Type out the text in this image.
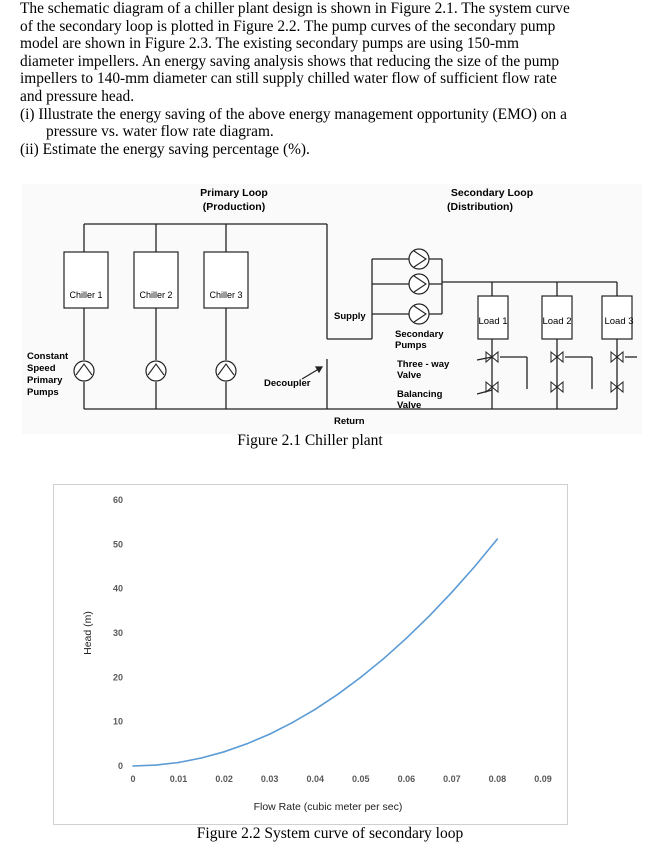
The schematic diagram of a chiller plant design is shown in Figure 2.1. The system curve

of the secondary loop is plotted in Figure 2.2. The pump curves of the secondary pump

model are shown in Figure 2.3. The existing secondary pumps are using 150-mm

diameter impellers. An energy saving analysis shows that reducing the size of the pump

impellers to 140-mm diameter can still supply chilled water flow of sufficient flow rate

and pressure head.

(i) Illustrate the energy saving of the above energy management opportunity (EMO) on a

pressure vs. water flow rate diagram.

(ii) Estimate the energy saving percentage (%).

Chiller 1	Chiller 2	Chiller 3
Load 1	Load 2	Load 3
Primary Loop
(Production)
Secondary Loop
(Distribution)
Constant
Speed
Primary
Pumps
Supply
Return
Decoupler
Secondary
Pumps
Three - way
Valve
Balancing
Valve
Figure 2.1 Chiller plant
0	0.01	0.02	0.03	0.04	0.05	0.06	0.07	0.08	0.09
0
10
20
30
40
50
60
Flow Rate (cubic meter per sec)
Head (m)
Figure 2.2 System curve of secondary loop
